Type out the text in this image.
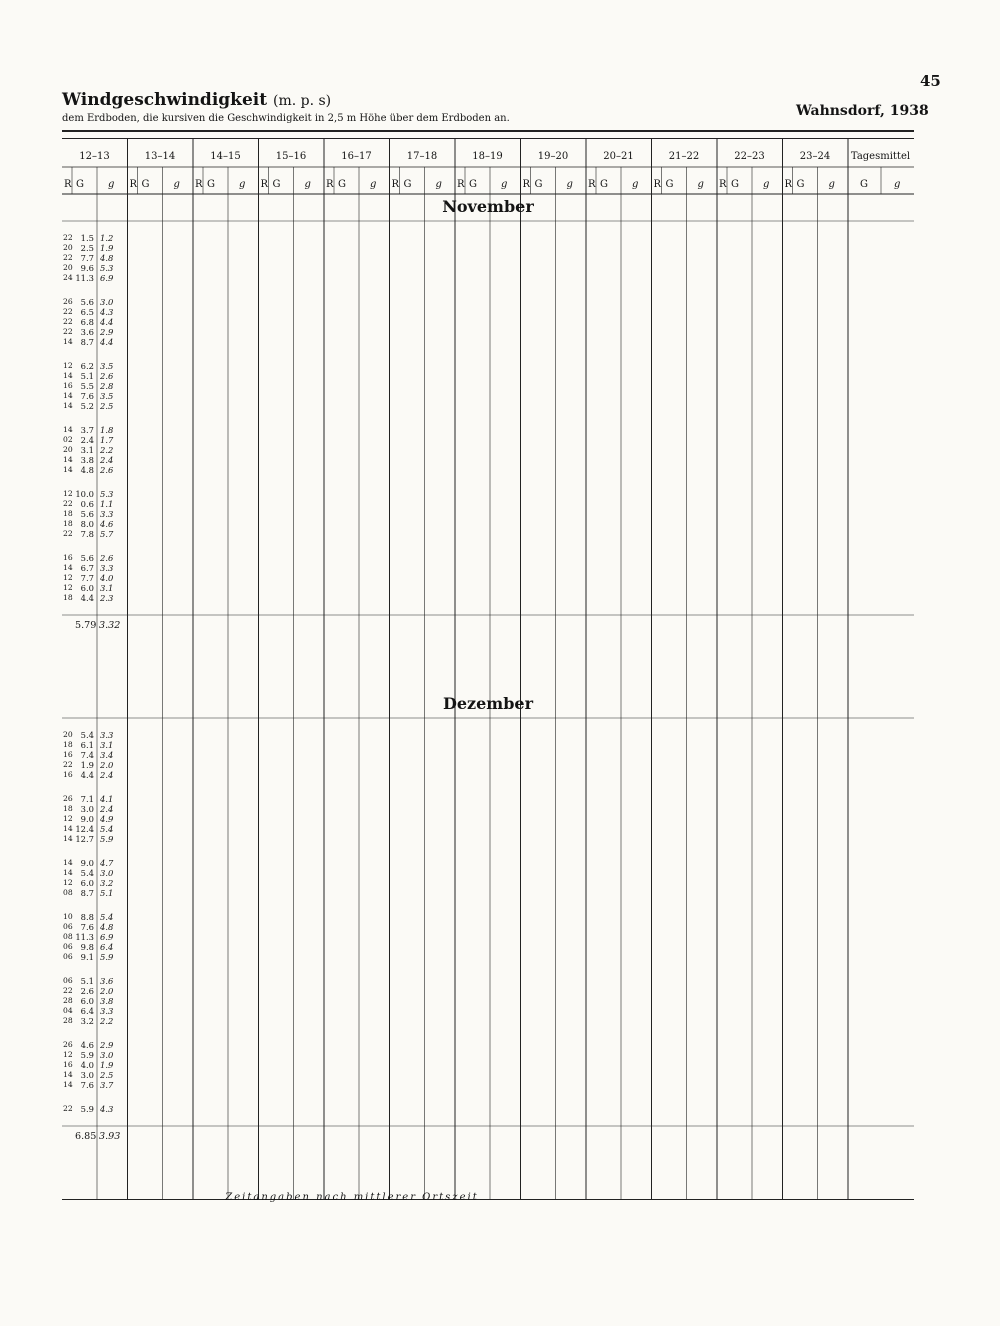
45
Windgeschwindigkeit (m. p. s)
dem Erdboden, die kursiven die Geschwindigkeit in 2,5 m Höhe über dem Erdboden an.	Wahnsdorf, 1938
12–13
R G g
13–14
R G g
14–15
R G g
15–16
R G g
16–17
R G g
17–18
R G g
18–19
R G g
19–20
R G g
20–21
R G g
21–22
R G g
22–23
R G g
23–24
R G g
Tagesmittel
G	g
November
22 1.5 1.2
20 2.5 1.9
22 7.7 4.8
20 9.6 5.3
24 11.3 6.9
26 5.6 3.0
22 6.5 4.3
22 6.8 4.4
22 3.6 2.9
14 8.7 4.4
12 6.2 3.5
14 5.1 2.6
16 5.5 2.8
14 7.6 3.5
14 5.2 2.5
14 3.7 1.8
02 2.4 1.7
20 3.1 2.2
14 3.8 2.4
14 4.8 2.6
12 10.0 5.3
22 0.6 1.1
18 5.6 3.3
18 8.0 4.6
22 7.8 5.7
16 5.6 2.6
14 6.7 3.3
12 7.7 4.0
12 6.0 3.1
18 4.4 2.3
5.79 3.32
Dezember
20 5.4 3.3
18 6.1 3.1
16 7.4 3.4
22 1.9 2.0
16 4.4 2.4
26 7.1 4.1
18 3.0 2.4
12 9.0 4.9
14 12.4 5.4
14 12.7 5.9
14 9.0 4.7
14 5.4 3.0
12 6.0 3.2
08 8.7 5.1
10 8.8 5.4
06 7.6 4.8
08 11.3 6.9
06 9.8 6.4
06 9.1 5.9
06 5.1 3.6
22 2.6 2.0
28 6.0 3.8
04 6.4 3.3
28 3.2 2.2
26 4.6 2.9
12 5.9 3.0
16 4.0 1.9
14 3.0 2.5
14 7.6 3.7
22 5.9 4.3
6.85 3.93
Zeitangaben nach mittlerer Ortszeit
